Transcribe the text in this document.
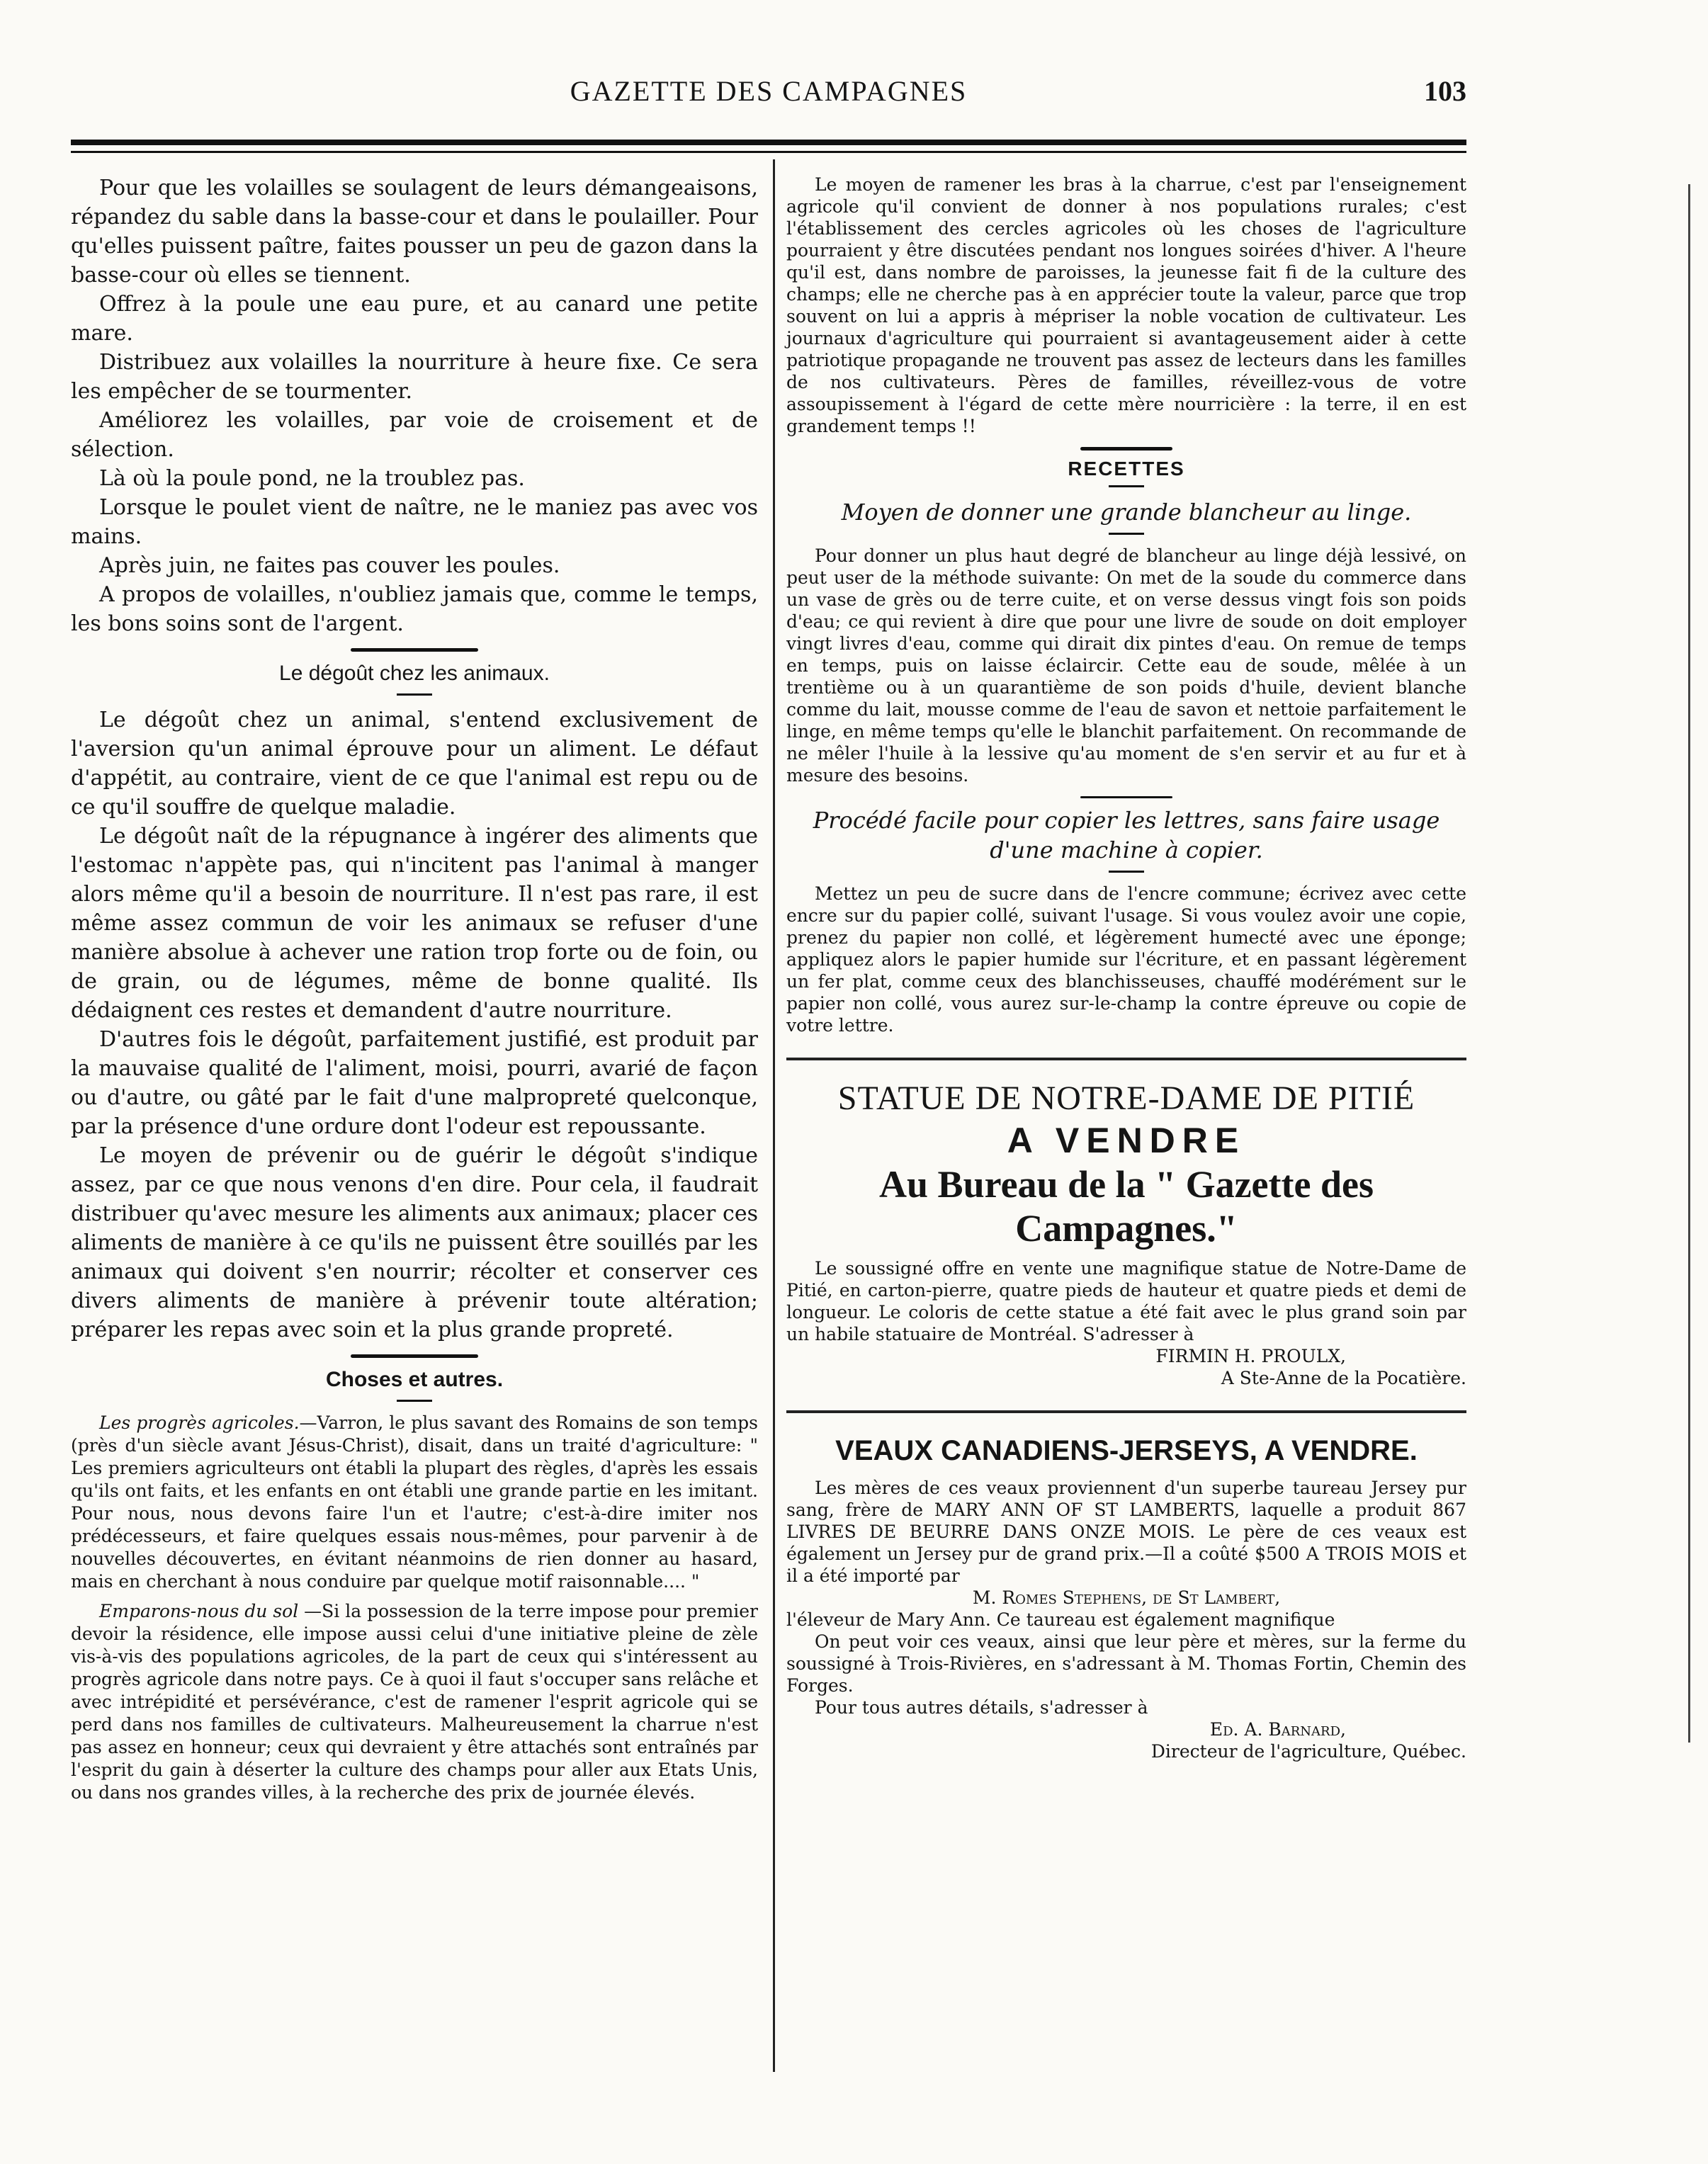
GAZETTE DES CAMPAGNES	103

Pour que les volailles se soulagent de leurs démangeaisons, répandez du sable dans la basse-cour et dans le poulailler. Pour qu'elles puissent paître, faites pousser un peu de gazon dans la basse-cour où elles se tiennent.

Offrez à la poule une eau pure, et au canard une petite mare.

Distribuez aux volailles la nourriture à heure fixe. Ce sera les empêcher de se tourmenter.

Améliorez les volailles, par voie de croisement et de sélection.

Là où la poule pond, ne la troublez pas.

Lorsque le poulet vient de naître, ne le maniez pas avec vos mains.

Après juin, ne faites pas couver les poules.

A propos de volailles, n'oubliez jamais que, comme le temps, les bons soins sont de l'argent.

Le dégoût chez les animaux.

Le dégoût chez un animal, s'entend exclusivement de l'aversion qu'un animal éprouve pour un aliment. Le défaut d'appétit, au contraire, vient de ce que l'animal est repu ou de ce qu'il souffre de quelque maladie.

Le dégoût naît de la répugnance à ingérer des aliments que l'estomac n'appète pas, qui n'incitent pas l'animal à manger alors même qu'il a besoin de nourriture. Il n'est pas rare, il est même assez commun de voir les animaux se refuser d'une manière absolue à achever une ration trop forte ou de foin, ou de grain, ou de légumes, même de bonne qualité. Ils dédaignent ces restes et demandent d'autre nourriture.

D'autres fois le dégoût, parfaitement justifié, est produit par la mauvaise qualité de l'aliment, moisi, pourri, avarié de façon ou d'autre, ou gâté par le fait d'une malpropreté quelconque, par la présence d'une ordure dont l'odeur est repoussante.

Le moyen de prévenir ou de guérir le dégoût s'indique assez, par ce que nous venons d'en dire. Pour cela, il faudrait distribuer qu'avec mesure les aliments aux animaux; placer ces aliments de manière à ce qu'ils ne puissent être souillés par les animaux qui doivent s'en nourrir; récolter et conserver ces divers aliments de manière à prévenir toute altération; préparer les repas avec soin et la plus grande propreté.

Choses et autres.

Les progrès agricoles.—Varron, le plus savant des Romains de son temps (près d'un siècle avant Jésus-Christ), disait, dans un traité d'agriculture: " Les premiers agriculteurs ont établi la plupart des règles, d'après les essais qu'ils ont faits, et les enfants en ont établi une grande partie en les imitant. Pour nous, nous devons faire l'un et l'autre; c'est-à-dire imiter nos prédécesseurs, et faire quelques essais nous-mêmes, pour parvenir à de nouvelles découvertes, en évitant néanmoins de rien donner au hasard, mais en cherchant à nous conduire par quelque motif raisonnable.... "

Emparons-nous du sol —Si la possession de la terre impose pour premier devoir la résidence, elle impose aussi celui d'une initiative pleine de zèle vis-à-vis des populations agricoles, de la part de ceux qui s'intéressent au progrès agricole dans notre pays. Ce à quoi il faut s'occuper sans relâche et avec intrépidité et persévérance, c'est de ramener l'esprit agricole qui se perd dans nos familles de cultivateurs. Malheureusement la charrue n'est pas assez en honneur; ceux qui devraient y être attachés sont entraînés par l'esprit du gain à déserter la culture des champs pour aller aux Etats Unis, ou dans nos grandes villes, à la recherche des prix de journée élevés.

Le moyen de ramener les bras à la charrue, c'est par l'enseignement agricole qu'il convient de donner à nos populations rurales; c'est l'établissement des cercles agricoles où les choses de l'agriculture pourraient y être discutées pendant nos longues soirées d'hiver. A l'heure qu'il est, dans nombre de paroisses, la jeunesse fait fi de la culture des champs; elle ne cherche pas à en apprécier toute la valeur, parce que trop souvent on lui a appris à mépriser la noble vocation de cultivateur. Les journaux d'agriculture qui pourraient si avantageusement aider à cette patriotique propagande ne trouvent pas assez de lecteurs dans les familles de nos cultivateurs. Pères de familles, réveillez-vous de votre assoupissement à l'égard de cette mère nourricière : la terre, il en est grandement temps !!

RECETTES
Moyen de donner une grande blancheur au linge.

Pour donner un plus haut degré de blancheur au linge déjà lessivé, on peut user de la méthode suivante: On met de la soude du commerce dans un vase de grès ou de terre cuite, et on verse dessus vingt fois son poids d'eau; ce qui revient à dire que pour une livre de soude on doit employer vingt livres d'eau, comme qui dirait dix pintes d'eau. On remue de temps en temps, puis on laisse éclaircir. Cette eau de soude, mêlée à un trentième ou à un quarantième de son poids d'huile, devient blanche comme du lait, mousse comme de l'eau de savon et nettoie parfaitement le linge, en même temps qu'elle le blanchit parfaitement. On recommande de ne mêler l'huile à la lessive qu'au moment de s'en servir et au fur et à mesure des besoins.

Procédé facile pour copier les lettres, sans faire usage
d'une machine à copier.

Mettez un peu de sucre dans de l'encre commune; écrivez avec cette encre sur du papier collé, suivant l'usage. Si vous voulez avoir une copie, prenez du papier non collé, et légèrement humecté avec une éponge; appliquez alors le papier humide sur l'écriture, et en passant légèrement un fer plat, comme ceux des blanchisseuses, chauffé modérément sur le papier non collé, vous aurez sur-le-champ la contre épreuve ou copie de votre lettre.

STATUE DE NOTRE-DAME DE PITIÉ
A VENDRE
Au Bureau de la " Gazette des Campagnes."

Le soussigné offre en vente une magnifique statue de Notre-Dame de Pitié, en carton-pierre, quatre pieds de hauteur et quatre pieds et demi de longueur. Le coloris de cette statue a été fait avec le plus grand soin par un habile statuaire de Montréal. S'adresser à

FIRMIN H. PROULX,

A Ste-Anne de la Pocatière.

VEAUX CANADIENS-JERSEYS, A VENDRE.

Les mères de ces veaux proviennent d'un superbe taureau Jersey pur sang, frère de MARY ANN OF ST LAMBERTS, laquelle a produit 867 LIVRES DE BEURRE DANS ONZE MOIS. Le père de ces veaux est également un Jersey pur de grand prix.—Il a coûté $500 A TROIS MOIS et il a été importé par

M. Romes Stephens, de St Lambert,

l'éleveur de Mary Ann. Ce taureau est également magnifique

On peut voir ces veaux, ainsi que leur père et mères, sur la ferme du soussigné à Trois-Rivières, en s'adressant à M. Thomas Fortin, Chemin des Forges.

Pour tous autres détails, s'adresser à

Ed. A. Barnard,

Directeur de l'agriculture, Québec.
